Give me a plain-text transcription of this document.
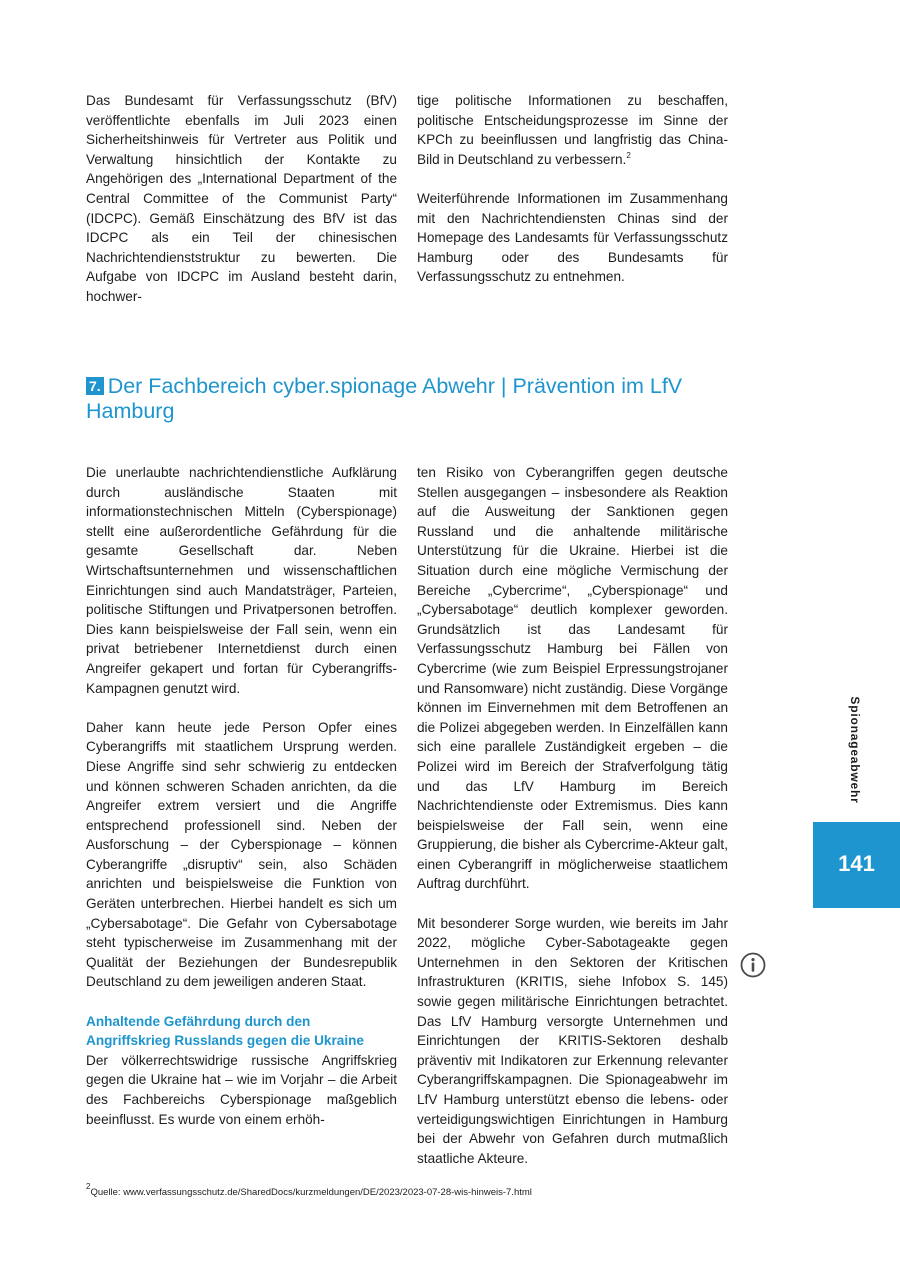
Das Bundesamt für Verfassungsschutz (BfV) veröffentlichte ebenfalls im Juli 2023 einen Sicherheitshinweis für Vertreter aus Politik und Verwaltung hinsichtlich der Kontakte zu Angehörigen des „International Department of the Central Committee of the Communist Party“ (IDCPC). Gemäß Einschätzung des BfV ist das IDCPC als ein Teil der chinesischen Nachrichtendienststruktur zu bewerten. Die Aufgabe von IDCPC im Ausland besteht darin, hochwer-

tige politische Informationen zu beschaffen, politische Entscheidungsprozesse im Sinne der KPCh zu beeinflussen und langfristig das China-Bild in Deutschland zu verbessern.$^2$

Weiterführende Informationen im Zusammenhang mit den Nachrichtendiensten Chinas sind der Homepage des Landesamts für Verfassungsschutz Hamburg oder des Bundesamts für Verfassungsschutz zu entnehmen.

7. Der Fachbereich cyber.spionage Abwehr | Prävention im LfV Hamburg

Die unerlaubte nachrichtendienstliche Aufklärung durch ausländische Staaten mit informationstechnischen Mitteln (Cyberspionage) stellt eine außerordentliche Gefährdung für die gesamte Gesellschaft dar. Neben Wirtschaftsunternehmen und wissenschaftlichen Einrichtungen sind auch Mandatsträger, Parteien, politische Stiftungen und Privatpersonen betroffen. Dies kann beispielsweise der Fall sein, wenn ein privat betriebener Internetdienst durch einen Angreifer gekapert und fortan für Cyberangriffs-Kampagnen genutzt wird.

Daher kann heute jede Person Opfer eines Cyberangriffs mit staatlichem Ursprung werden. Diese Angriffe sind sehr schwierig zu entdecken und können schweren Schaden anrichten, da die Angreifer extrem versiert und die Angriffe entsprechend professionell sind. Neben der Ausforschung – der Cyberspionage – können Cyberangriffe „disruptiv“ sein, also Schäden anrichten und beispielsweise die Funktion von Geräten unterbrechen. Hierbei handelt es sich um „Cybersabotage“. Die Gefahr von Cybersabotage steht typischerweise im Zusammenhang mit der Qualität der Beziehungen der Bundesrepublik Deutschland zu dem jeweiligen anderen Staat.

Anhaltende Gefährdung durch den Angriffskrieg Russlands gegen die Ukraine

Der völkerrechtswidrige russische Angriffskrieg gegen die Ukraine hat – wie im Vorjahr – die Arbeit des Fachbereichs Cyberspionage maßgeblich beeinflusst. Es wurde von einem erhöh-

ten Risiko von Cyberangriffen gegen deutsche Stellen ausgegangen – insbesondere als Reaktion auf die Ausweitung der Sanktionen gegen Russland und die anhaltende militärische Unterstützung für die Ukraine. Hierbei ist die Situation durch eine mögliche Vermischung der Bereiche „Cybercrime“, „Cyberspionage“ und „Cybersabotage“ deutlich komplexer geworden. Grundsätzlich ist das Landesamt für Verfassungsschutz Hamburg bei Fällen von Cybercrime (wie zum Beispiel Erpressungstrojaner und Ransomware) nicht zuständig. Diese Vorgänge können im Einvernehmen mit dem Betroffenen an die Polizei abgegeben werden. In Einzelfällen kann sich eine parallele Zuständigkeit ergeben – die Polizei wird im Bereich der Strafverfolgung tätig und das LfV Hamburg im Bereich Nachrichtendienste oder Extremismus. Dies kann beispielsweise der Fall sein, wenn eine Gruppierung, die bisher als Cybercrime-Akteur galt, einen Cyberangriff in möglicherweise staatlichem Auftrag durchführt.

Mit besonderer Sorge wurden, wie bereits im Jahr 2022, mögliche Cyber-Sabotageakte gegen Unternehmen in den Sektoren der Kritischen Infrastrukturen (KRITIS, siehe Infobox S. 145) sowie gegen militärische Einrichtungen betrachtet. Das LfV Hamburg versorgte Unternehmen und Einrichtungen der KRITIS-Sektoren deshalb präventiv mit Indikatoren zur Erkennung relevanter Cyberangriffskampagnen. Die Spionageabwehr im LfV Hamburg unterstützt ebenso die lebens- oder verteidigungswichtigen Einrichtungen in Hamburg bei der Abwehr von Gefahren durch mutmaßlich staatliche Akteure.

Spionageabwehr
141
$^2$Quelle: www.verfassungsschutz.de/SharedDocs/kurzmeldungen/DE/2023/2023-07-28-wis-hinweis-7.html
